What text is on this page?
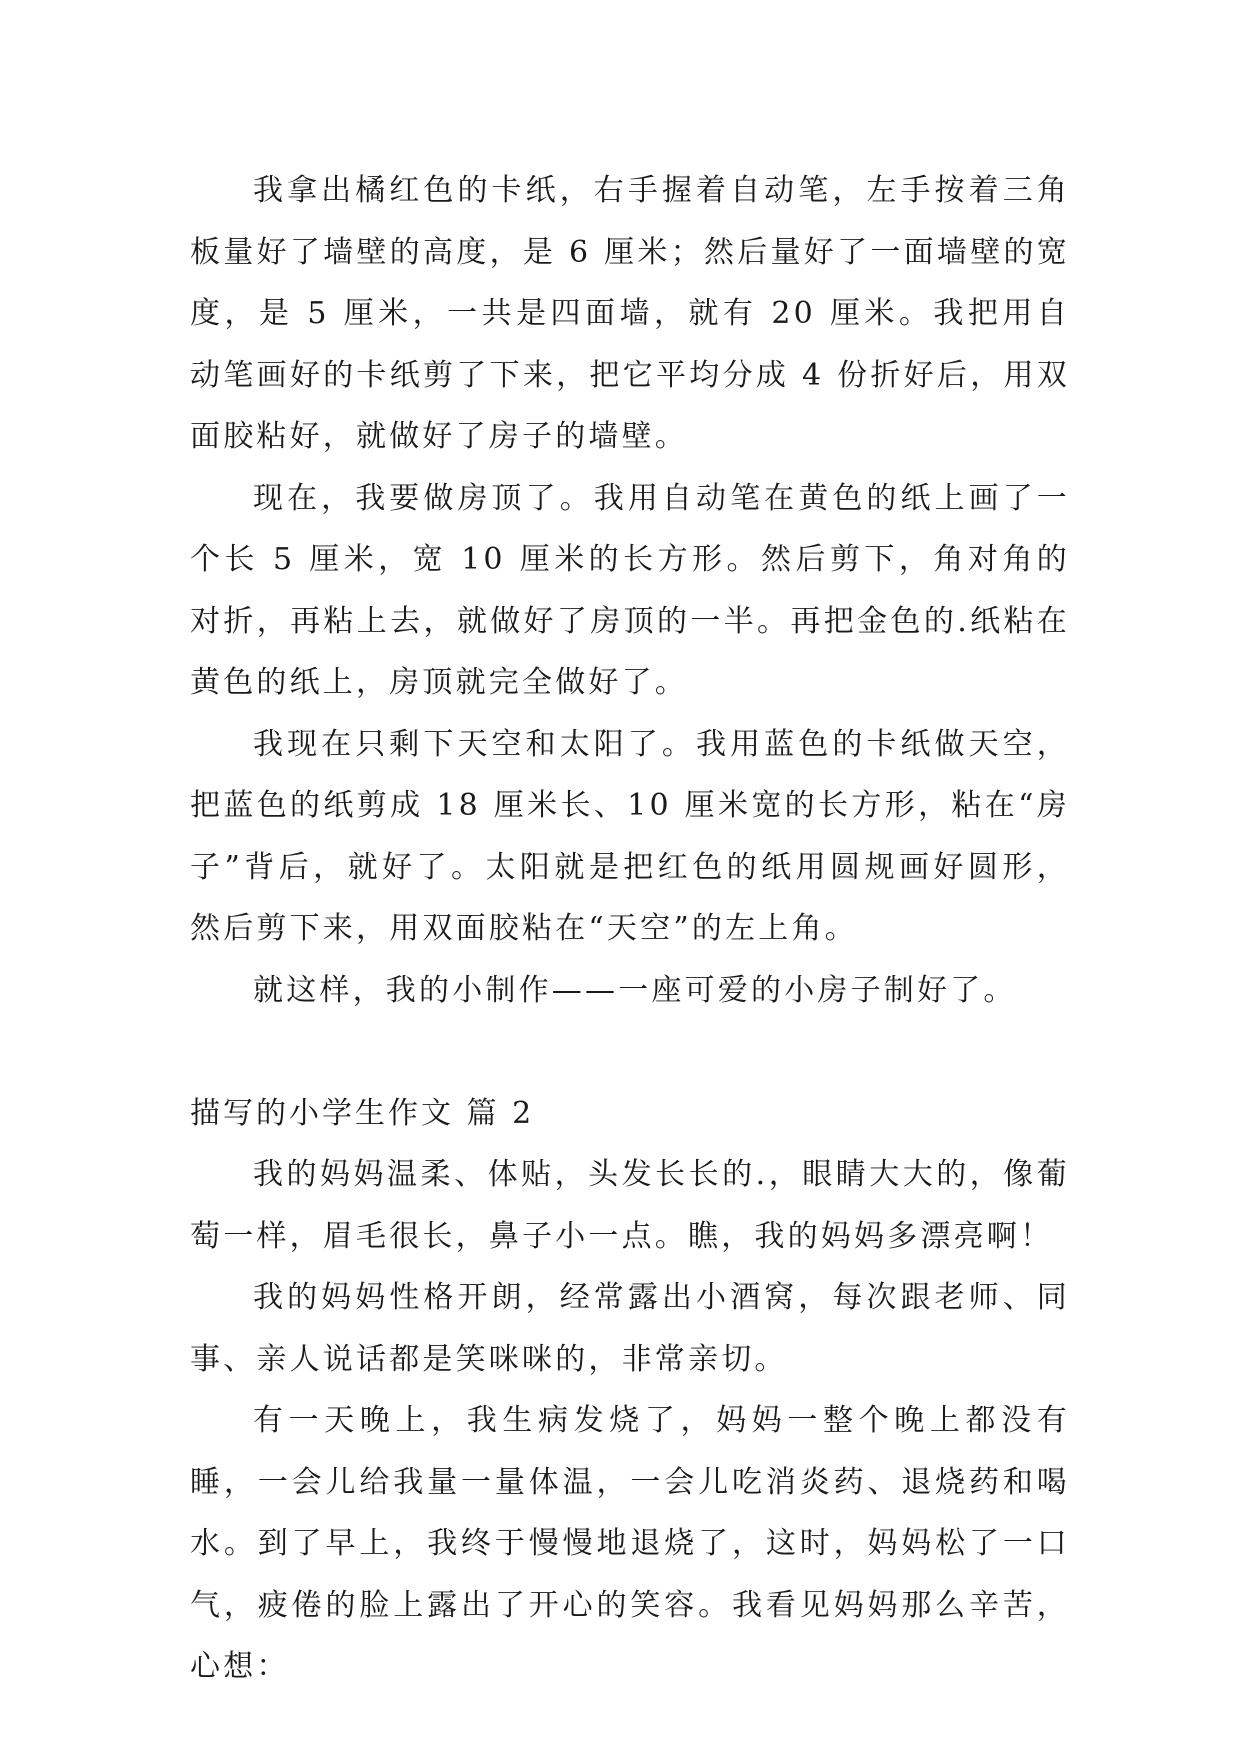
我拿出橘红色的卡纸，右手握着自动笔，左手按着三角板量好了墙壁的高度，是 6 厘米；然后量好了一面墙壁的宽度，是 5 厘米，一共是四面墙，就有 20 厘米。我把用自动笔画好的卡纸剪了下来，把它平均分成 4 份折好后，用双面胶粘好，就做好了房子的墙壁。

现在，我要做房顶了。我用自动笔在黄色的纸上画了一个长 5 厘米，宽 10 厘米的长方形。然后剪下，角对角的对折，再粘上去，就做好了房顶的一半。再把金色的.纸粘在黄色的纸上，房顶就完全做好了。

我现在只剩下天空和太阳了。我用蓝色的卡纸做天空，把蓝色的纸剪成 18 厘米长、10 厘米宽的长方形，粘在“房子”背后，就好了。太阳就是把红色的纸用圆规画好圆形，然后剪下来，用双面胶粘在“天空”的左上角。

就这样，我的小制作——一座可爱的小房子制好了。

描写的小学生作文 篇 2

我的妈妈温柔、体贴，头发长长的.，眼睛大大的，像葡萄一样，眉毛很长，鼻子小一点。瞧，我的妈妈多漂亮啊！

我的妈妈性格开朗，经常露出小酒窝，每次跟老师、同事、亲人说话都是笑咪咪的，非常亲切。

有一天晚上，我生病发烧了，妈妈一整个晚上都没有睡，一会儿给我量一量体温，一会儿吃消炎药、退烧药和喝水。到了早上，我终于慢慢地退烧了，这时，妈妈松了一口气，疲倦的脸上露出了开心的笑容。我看见妈妈那么辛苦，心想：
